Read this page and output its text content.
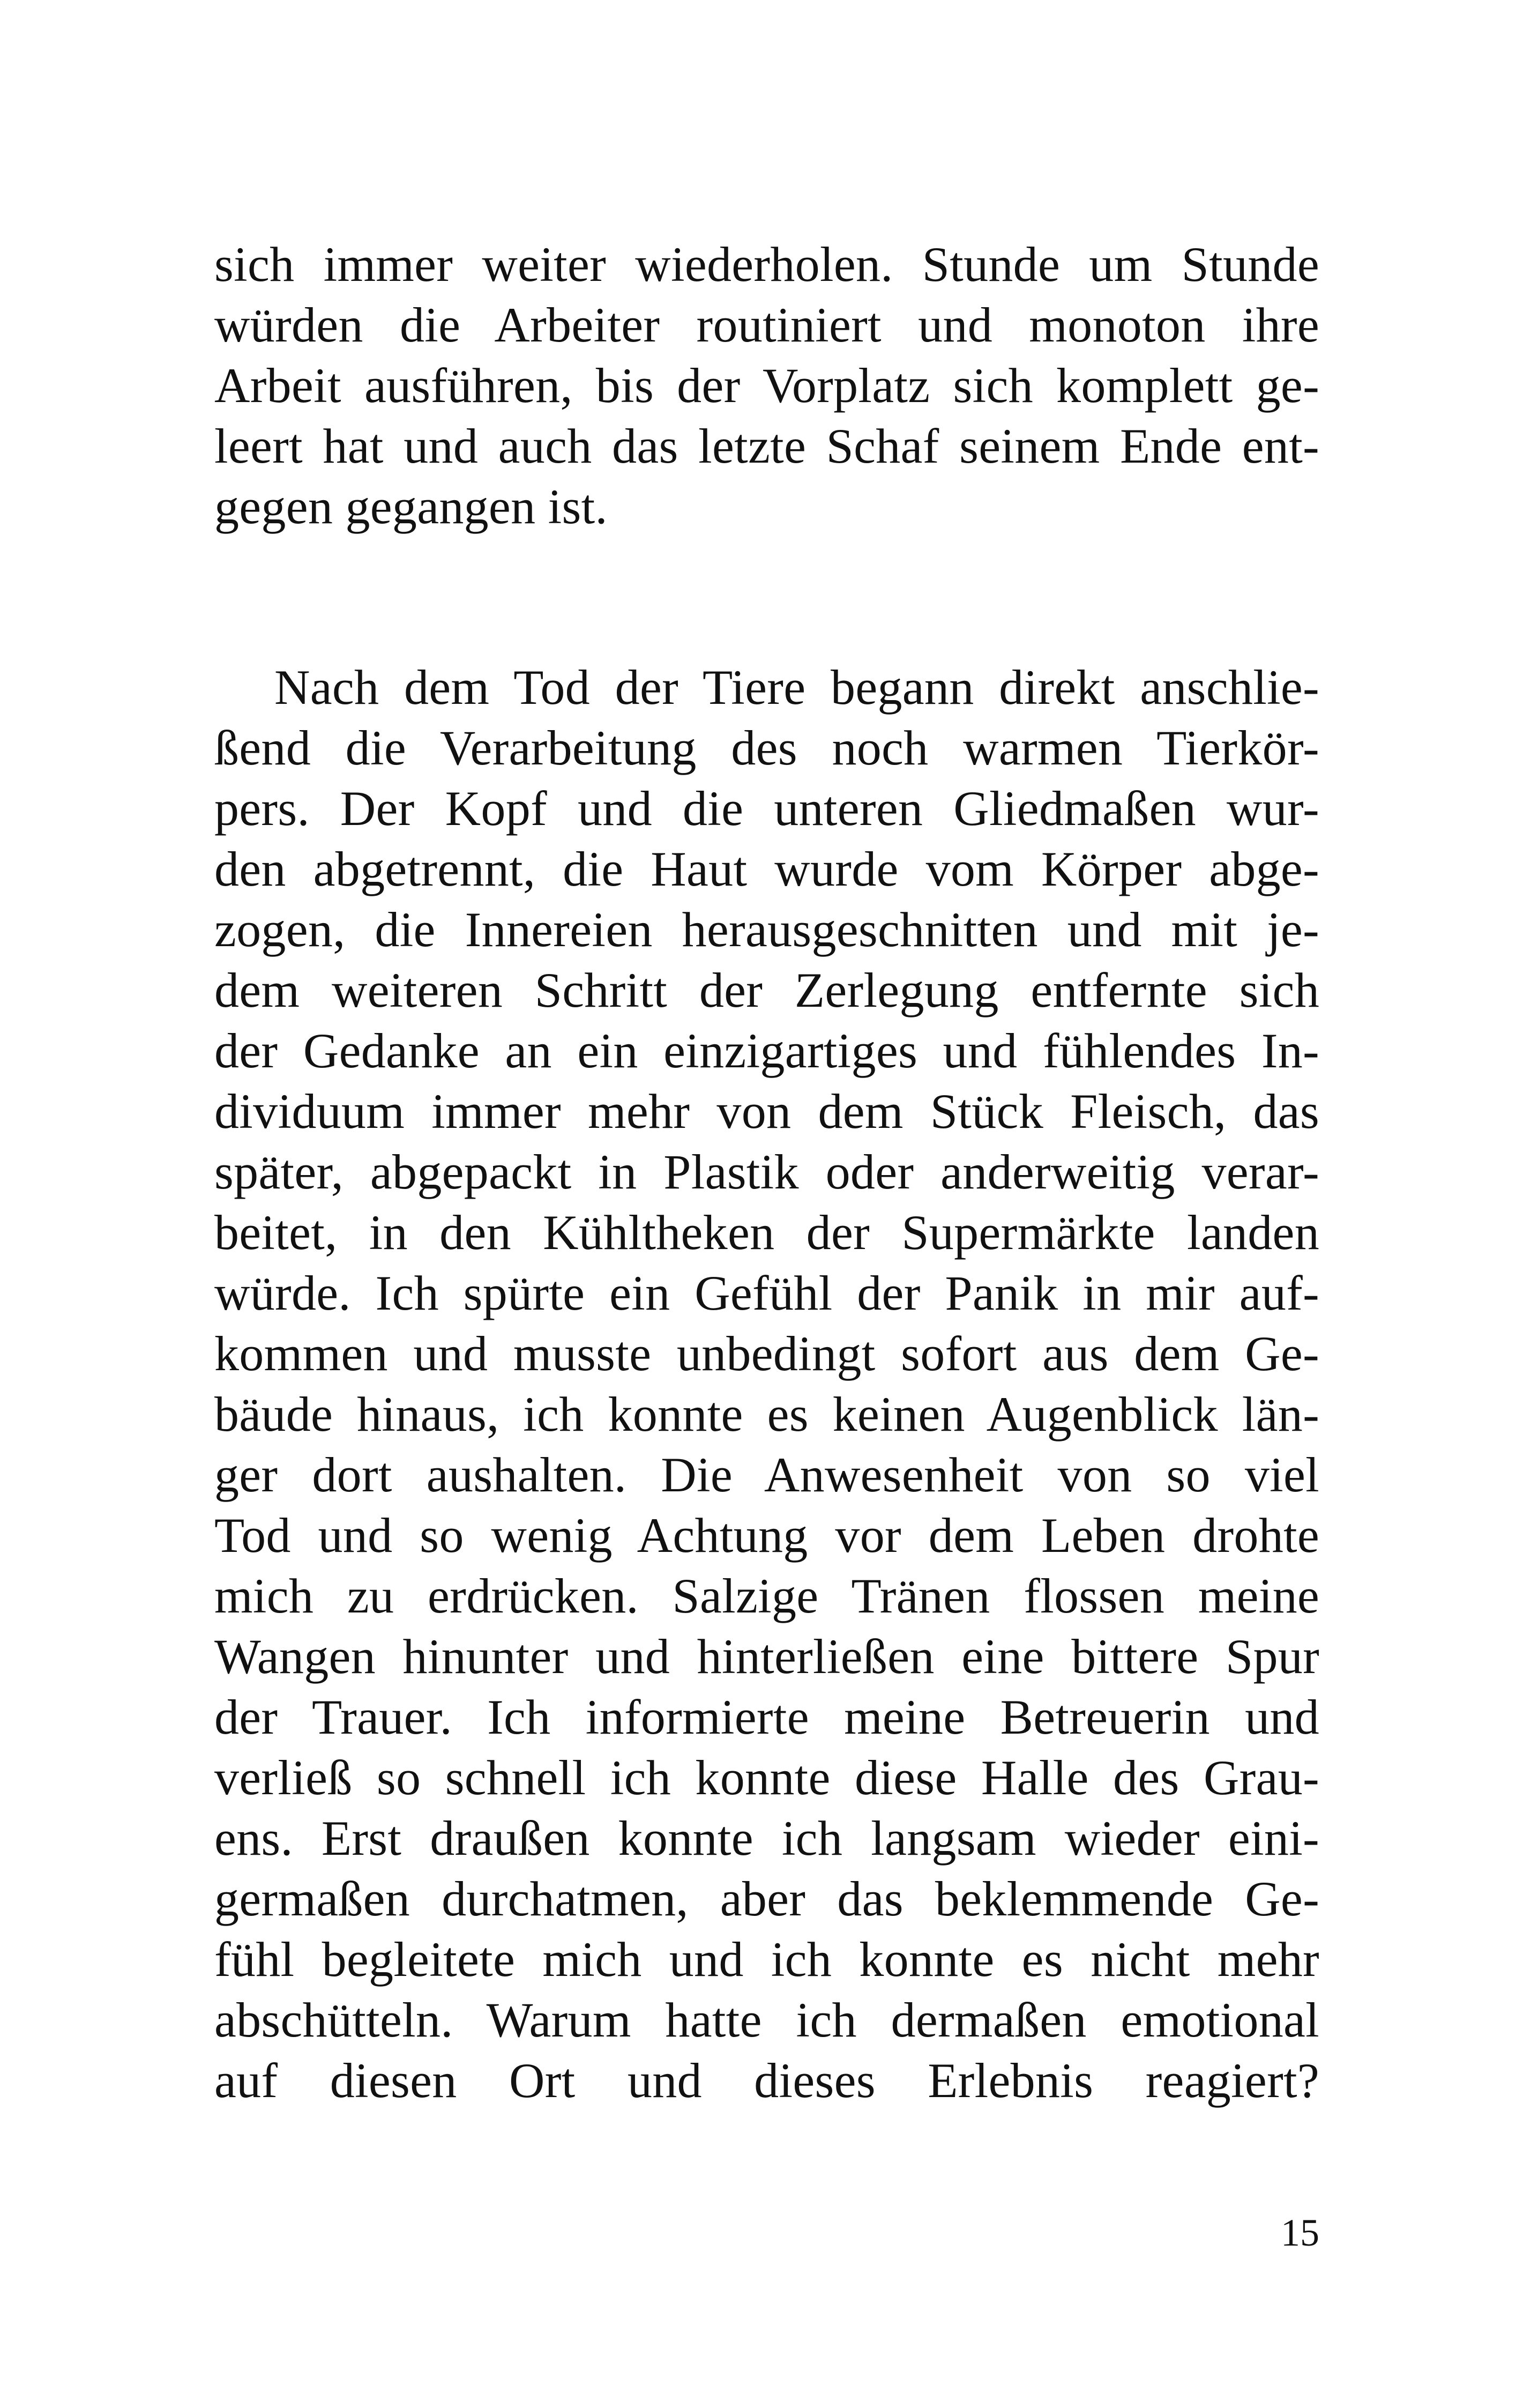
sich immer weiter wiederholen. Stunde um Stunde
würden die Arbeiter routiniert und monoton ihre
Arbeit ausführen, bis der Vorplatz sich komplett ge-
leert hat und auch das letzte Schaf seinem Ende ent-
gegen gegangen ist.
Nach dem Tod der Tiere begann direkt anschlie-
ßend die Verarbeitung des noch warmen Tierkör-
pers. Der Kopf und die unteren Gliedmaßen wur-
den abgetrennt, die Haut wurde vom Körper abge-
zogen, die Innereien herausgeschnitten und mit je-
dem weiteren Schritt der Zerlegung entfernte sich
der Gedanke an ein einzigartiges und fühlendes In-
dividuum immer mehr von dem Stück Fleisch, das
später, abgepackt in Plastik oder anderweitig verar-
beitet, in den Kühltheken der Supermärkte landen
würde. Ich spürte ein Gefühl der Panik in mir auf-
kommen und musste unbedingt sofort aus dem Ge-
bäude hinaus, ich konnte es keinen Augenblick län-
ger dort aushalten. Die Anwesenheit von so viel
Tod und so wenig Achtung vor dem Leben drohte
mich zu erdrücken. Salzige Tränen flossen meine
Wangen hinunter und hinterließen eine bittere Spur
der Trauer. Ich informierte meine Betreuerin und
verließ so schnell ich konnte diese Halle des Grau-
ens. Erst draußen konnte ich langsam wieder eini-
germaßen durchatmen, aber das beklemmende Ge-
fühl begleitete mich und ich konnte es nicht mehr
abschütteln. Warum hatte ich dermaßen emotional
auf diesen Ort und dieses Erlebnis reagiert?
15
